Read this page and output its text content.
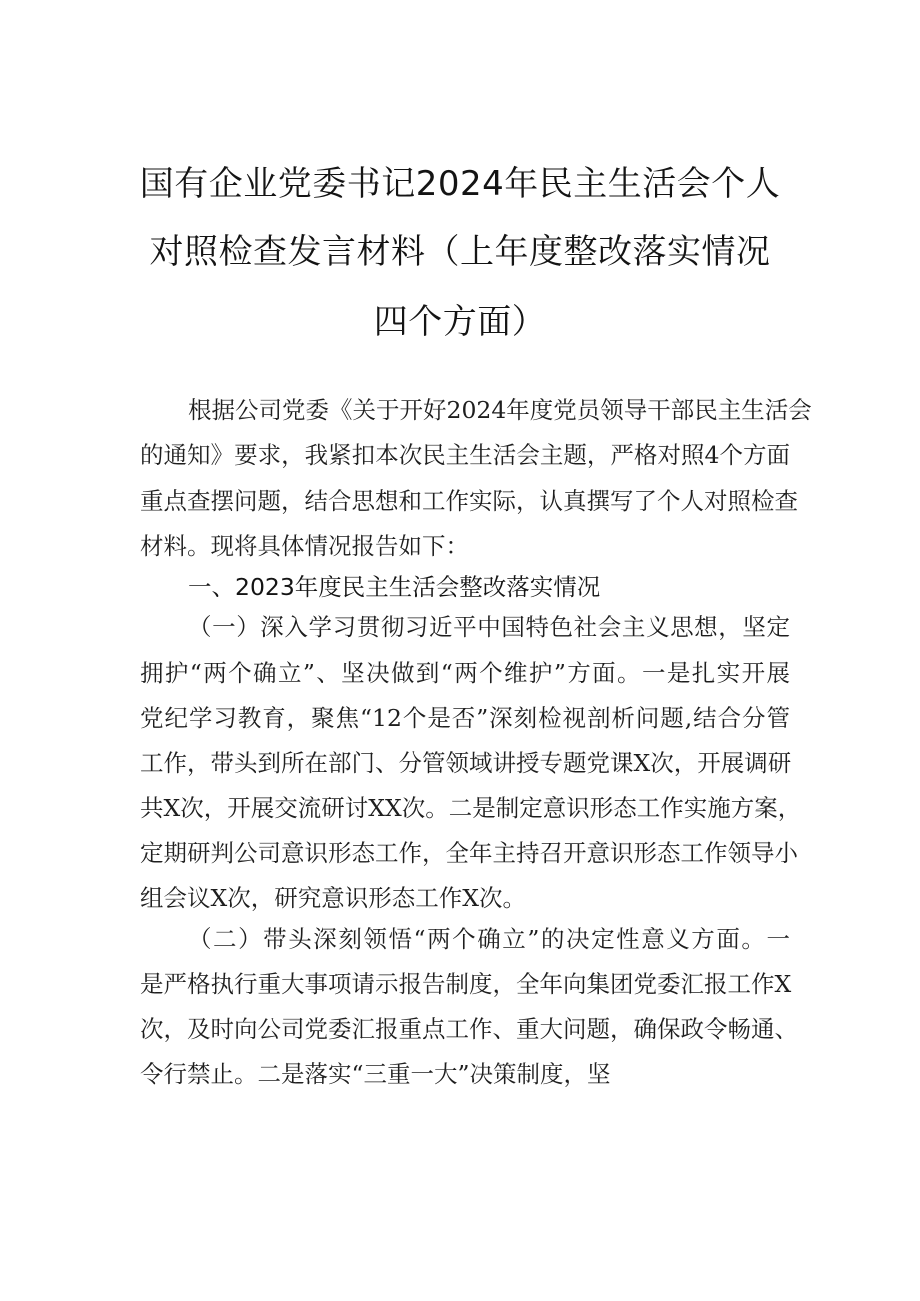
国有企业党委书记2024年民主生活会个人
对照检查发言材料（上年度整改落实情况
四个方面）
根据公司党委《关于开好2024年度党员领导干部民主生活会
的通知》要求，我紧扣本次民主生活会主题，严格对照4个方面
重点查摆问题，结合思想和工作实际，认真撰写了个人对照检查
材料。现将具体情况报告如下：
一、2023年度民主生活会整改落实情况
（一）深入学习贯彻习近平中国特色社会主义思想，坚定
拥护“两个确立”、坚决做到“两个维护”方面。一是扎实开展
党纪学习教育，聚焦“12个是否”深刻检视剖析问题,结合分管
工作，带头到所在部门、分管领域讲授专题党课X次，开展调研
共X次，开展交流研讨XX次。二是制定意识形态工作实施方案，
定期研判公司意识形态工作，全年主持召开意识形态工作领导小
组会议X次，研究意识形态工作X次。
（二）带头深刻领悟“两个确立”的决定性意义方面。一
是严格执行重大事项请示报告制度，全年向集团党委汇报工作X
次，及时向公司党委汇报重点工作、重大问题，确保政令畅通、
令行禁止。二是落实“三重一大”决策制度，坚
